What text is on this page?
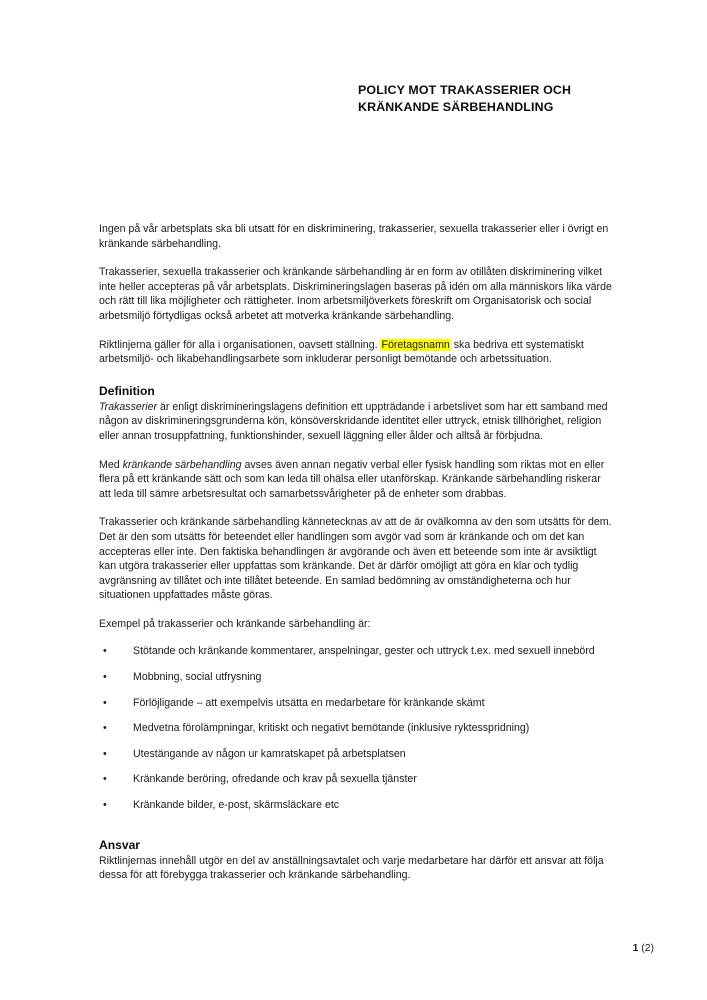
POLICY MOT TRAKASSERIER OCH
KRÄNKANDE SÄRBEHANDLING

Ingen på vår arbetsplats ska bli utsatt för en diskriminering, trakasserier, sexuella trakasserier eller i övrigt en kränkande särbehandling.

Trakasserier, sexuella trakasserier och kränkande särbehandling är en form av otillåten diskriminering vilket inte heller accepteras på vår arbetsplats. Diskrimineringslagen baseras på idén om alla människors lika värde och rätt till lika möjligheter och rättigheter. Inom arbetsmiljöverkets föreskrift om Organisatorisk och social arbetsmiljö förtydligas också arbetet att motverka kränkande särbehandling.

Riktlinjerna gäller för alla i organisationen, oavsett ställning. Företagsnamn ska bedriva ett systematiskt arbetsmiljö- och likabehandlingsarbete som inkluderar personligt bemötande och arbetssituation.

Definition

Trakasserier är enligt diskrimineringslagens definition ett uppträdande i arbetslivet som har ett samband med någon av diskrimineringsgrunderna kön, könsöverskridande identitet eller uttryck, etnisk tillhörighet, religion eller annan trosuppfattning, funktionshinder, sexuell läggning eller ålder och alltså är förbjudna.

Med kränkande särbehandling avses även annan negativ verbal eller fysisk handling som riktas mot en eller flera på ett kränkande sätt och som kan leda till ohälsa eller utanförskap. Kränkande särbehandling riskerar att leda till sämre arbetsresultat och samarbetssvårigheter på de enheter som drabbas.

Trakasserier och kränkande särbehandling kännetecknas av att de är ovälkomna av den som utsätts för dem. Det är den som utsätts för beteendet eller handlingen som avgör vad som är kränkande och om det kan accepteras eller inte. Den faktiska behandlingen är avgörande och även ett beteende som inte är avsiktligt kan utgöra trakasserier eller uppfattas som kränkande. Det är därför omöjligt att göra en klar och tydlig avgränsning av tillåtet och inte tillåtet beteende. En samlad bedömning av omständigheterna och hur situationen uppfattades måste göras.

Exempel på trakasserier och kränkande särbehandling är:

• Stötande och kränkande kommentarer, anspelningar, gester och uttryck t.ex. med sexuell innebörd
• Mobbning, social utfrysning
• Förlöjligande – att exempelvis utsätta en medarbetare för kränkande skämt
• Medvetna förolämpningar, kritiskt och negativt bemötande (inklusive ryktesspridning)
• Utestängande av någon ur kamratskapet på arbetsplatsen
• Kränkande beröring, ofredande och krav på sexuella tjänster
• Kränkande bilder, e-post, skärmsläckare etc
Ansvar

Riktlinjernas innehåll utgör en del av anställningsavtalet och varje medarbetare har därför ett ansvar att följa dessa för att förebygga trakasserier och kränkande särbehandling.

1 (2)
